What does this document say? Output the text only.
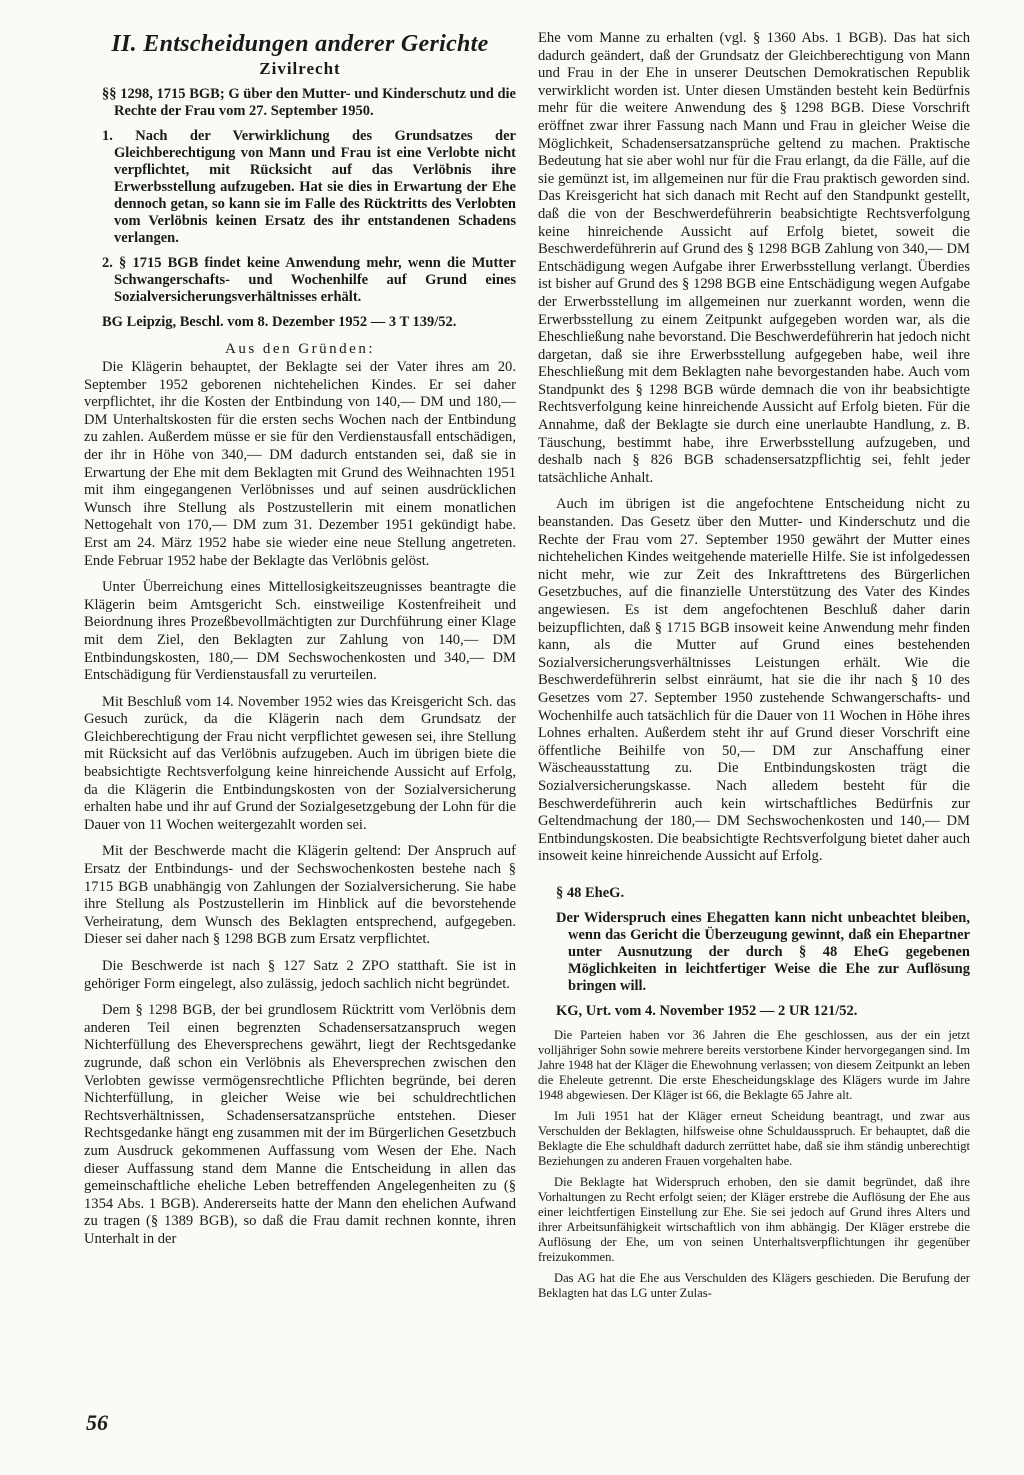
II. Entscheidungen anderer Gerichte
Zivilrecht

§§ 1298, 1715 BGB; G über den Mutter- und Kinderschutz und die Rechte der Frau vom 27. September 1950.

1. Nach der Verwirklichung des Grundsatzes der Gleichberechtigung von Mann und Frau ist eine Verlobte nicht verpflichtet, mit Rücksicht auf das Verlöbnis ihre Erwerbsstellung aufzugeben. Hat sie dies in Erwartung der Ehe dennoch getan, so kann sie im Falle des Rücktritts des Verlobten vom Verlöbnis keinen Ersatz des ihr entstandenen Schadens verlangen.

2. § 1715 BGB findet keine Anwendung mehr, wenn die Mutter Schwangerschafts- und Wochenhilfe auf Grund eines Sozialversicherungsverhältnisses erhält.

BG Leipzig, Beschl. vom 8. Dezember 1952 — 3 T 139/52.

Aus den Gründen:

Die Klägerin behauptet, der Beklagte sei der Vater ihres am 20. September 1952 geborenen nichtehelichen Kindes. Er sei daher verpflichtet, ihr die Kosten der Entbindung von 140,— DM und 180,— DM Unterhaltskosten für die ersten sechs Wochen nach der Entbindung zu zahlen. Außerdem müsse er sie für den Verdienstausfall entschädigen, der ihr in Höhe von 340,— DM dadurch entstanden sei, daß sie in Erwartung der Ehe mit dem Beklagten mit Grund des Weihnachten 1951 mit ihm eingegangenen Verlöbnisses und auf seinen ausdrücklichen Wunsch ihre Stellung als Postzustellerin mit einem monatlichen Nettogehalt von 170,— DM zum 31. Dezember 1951 gekündigt habe. Erst am 24. März 1952 habe sie wieder eine neue Stellung angetreten. Ende Februar 1952 habe der Beklagte das Verlöbnis gelöst.

Unter Überreichung eines Mittellosigkeitszeugnisses beantragte die Klägerin beim Amtsgericht Sch. einstweilige Kostenfreiheit und Beiordnung ihres Prozeßbevollmächtigten zur Durchführung einer Klage mit dem Ziel, den Beklagten zur Zahlung von 140,— DM Entbindungskosten, 180,— DM Sechswochenkosten und 340,— DM Entschädigung für Verdienstausfall zu verurteilen.

Mit Beschluß vom 14. November 1952 wies das Kreisgericht Sch. das Gesuch zurück, da die Klägerin nach dem Grundsatz der Gleichberechtigung der Frau nicht verpflichtet gewesen sei, ihre Stellung mit Rücksicht auf das Verlöbnis aufzugeben. Auch im übrigen biete die beabsichtigte Rechtsverfolgung keine hinreichende Aussicht auf Erfolg, da die Klägerin die Entbindungskosten von der Sozialversicherung erhalten habe und ihr auf Grund der Sozialgesetzgebung der Lohn für die Dauer von 11 Wochen weitergezahlt worden sei.

Mit der Beschwerde macht die Klägerin geltend: Der Anspruch auf Ersatz der Entbindungs- und der Sechswochenkosten bestehe nach § 1715 BGB unabhängig von Zahlungen der Sozialversicherung. Sie habe ihre Stellung als Postzustellerin im Hinblick auf die bevorstehende Verheiratung, dem Wunsch des Beklagten entsprechend, aufgegeben. Dieser sei daher nach § 1298 BGB zum Ersatz verpflichtet.

Die Beschwerde ist nach § 127 Satz 2 ZPO statthaft. Sie ist in gehöriger Form eingelegt, also zulässig, jedoch sachlich nicht begründet.

Dem § 1298 BGB, der bei grundlosem Rücktritt vom Verlöbnis dem anderen Teil einen begrenzten Schadensersatzanspruch wegen Nichterfüllung des Eheversprechens gewährt, liegt der Rechtsgedanke zugrunde, daß schon ein Verlöbnis als Eheversprechen zwischen den Verlobten gewisse vermögensrechtliche Pflichten begründe, bei deren Nichterfüllung, in gleicher Weise wie bei schuldrechtlichen Rechtsverhältnissen, Schadensersatzansprüche entstehen. Dieser Rechtsgedanke hängt eng zusammen mit der im Bürgerlichen Gesetzbuch zum Ausdruck gekommenen Auffassung vom Wesen der Ehe. Nach dieser Auffassung stand dem Manne die Entscheidung in allen das gemeinschaftliche eheliche Leben betreffenden Angelegenheiten zu (§ 1354 Abs. 1 BGB). Andererseits hatte der Mann den ehelichen Aufwand zu tragen (§ 1389 BGB), so daß die Frau damit rechnen konnte, ihren Unterhalt in der

Ehe vom Manne zu erhalten (vgl. § 1360 Abs. 1 BGB). Das hat sich dadurch geändert, daß der Grundsatz der Gleichberechtigung von Mann und Frau in der Ehe in unserer Deutschen Demokratischen Republik verwirklicht worden ist. Unter diesen Umständen besteht kein Bedürfnis mehr für die weitere Anwendung des § 1298 BGB. Diese Vorschrift eröffnet zwar ihrer Fassung nach Mann und Frau in gleicher Weise die Möglichkeit, Schadensersatzansprüche geltend zu machen. Praktische Bedeutung hat sie aber wohl nur für die Frau erlangt, da die Fälle, auf die sie gemünzt ist, im allgemeinen nur für die Frau praktisch geworden sind. Das Kreisgericht hat sich danach mit Recht auf den Standpunkt gestellt, daß die von der Beschwerdeführerin beabsichtigte Rechtsverfolgung keine hinreichende Aussicht auf Erfolg bietet, soweit die Beschwerdeführerin auf Grund des § 1298 BGB Zahlung von 340,— DM Entschädigung wegen Aufgabe ihrer Erwerbsstellung verlangt. Überdies ist bisher auf Grund des § 1298 BGB eine Entschädigung wegen Aufgabe der Erwerbsstellung im allgemeinen nur zuerkannt worden, wenn die Erwerbsstellung zu einem Zeitpunkt aufgegeben worden war, als die Eheschließung nahe bevorstand. Die Beschwerdeführerin hat jedoch nicht dargetan, daß sie ihre Erwerbsstellung aufgegeben habe, weil ihre Eheschließung mit dem Beklagten nahe bevorgestanden habe. Auch vom Standpunkt des § 1298 BGB würde demnach die von ihr beabsichtigte Rechtsverfolgung keine hinreichende Aussicht auf Erfolg bieten. Für die Annahme, daß der Beklagte sie durch eine unerlaubte Handlung, z. B. Täuschung, bestimmt habe, ihre Erwerbsstellung aufzugeben, und deshalb nach § 826 BGB schadensersatzpflichtig sei, fehlt jeder tatsächliche Anhalt.

Auch im übrigen ist die angefochtene Entscheidung nicht zu beanstanden. Das Gesetz über den Mutter- und Kinderschutz und die Rechte der Frau vom 27. September 1950 gewährt der Mutter eines nichtehelichen Kindes weitgehende materielle Hilfe. Sie ist infolgedessen nicht mehr, wie zur Zeit des Inkrafttretens des Bürgerlichen Gesetzbuches, auf die finanzielle Unterstützung des Vater des Kindes angewiesen. Es ist dem angefochtenen Beschluß daher darin beizupflichten, daß § 1715 BGB insoweit keine Anwendung mehr finden kann, als die Mutter auf Grund eines bestehenden Sozialversicherungsverhältnisses Leistungen erhält. Wie die Beschwerdeführerin selbst einräumt, hat sie die ihr nach § 10 des Gesetzes vom 27. September 1950 zustehende Schwangerschafts- und Wochenhilfe auch tatsächlich für die Dauer von 11 Wochen in Höhe ihres Lohnes erhalten. Außerdem steht ihr auf Grund dieser Vorschrift eine öffentliche Beihilfe von 50,— DM zur Anschaffung einer Wäscheausstattung zu. Die Entbindungskosten trägt die Sozialversicherungskasse. Nach alledem besteht für die Beschwerdeführerin auch kein wirtschaftliches Bedürfnis zur Geltendmachung der 180,— DM Sechswochenkosten und 140,— DM Entbindungskosten. Die beabsichtigte Rechtsverfolgung bietet daher auch insoweit keine hinreichende Aussicht auf Erfolg.

§ 48 EheG.

Der Widerspruch eines Ehegatten kann nicht unbeachtet bleiben, wenn das Gericht die Überzeugung gewinnt, daß ein Ehepartner unter Ausnutzung der durch § 48 EheG gegebenen Möglichkeiten in leichtfertiger Weise die Ehe zur Auflösung bringen will.

KG, Urt. vom 4. November 1952 — 2 UR 121/52.

Die Parteien haben vor 36 Jahren die Ehe geschlossen, aus der ein jetzt volljähriger Sohn sowie mehrere bereits verstorbene Kinder hervorgegangen sind. Im Jahre 1948 hat der Kläger die Ehewohnung verlassen; von diesem Zeitpunkt an leben die Eheleute getrennt. Die erste Ehescheidungsklage des Klägers wurde im Jahre 1948 abgewiesen. Der Kläger ist 66, die Beklagte 65 Jahre alt.

Im Juli 1951 hat der Kläger erneut Scheidung beantragt, und zwar aus Verschulden der Beklagten, hilfsweise ohne Schuldausspruch. Er behauptet, daß die Beklagte die Ehe schuldhaft dadurch zerrüttet habe, daß sie ihm ständig unberechtigt Beziehungen zu anderen Frauen vorgehalten habe.

Die Beklagte hat Widerspruch erhoben, den sie damit begründet, daß ihre Vorhaltungen zu Recht erfolgt seien; der Kläger erstrebe die Auflösung der Ehe aus einer leichtfertigen Einstellung zur Ehe. Sie sei jedoch auf Grund ihres Alters und ihrer Arbeitsunfähigkeit wirtschaftlich von ihm abhängig. Der Kläger erstrebe die Auflösung der Ehe, um von seinen Unterhaltsverpflichtungen ihr gegenüber freizukommen.

Das AG hat die Ehe aus Verschulden des Klägers geschieden. Die Berufung der Beklagten hat das LG unter Zulas-

56
